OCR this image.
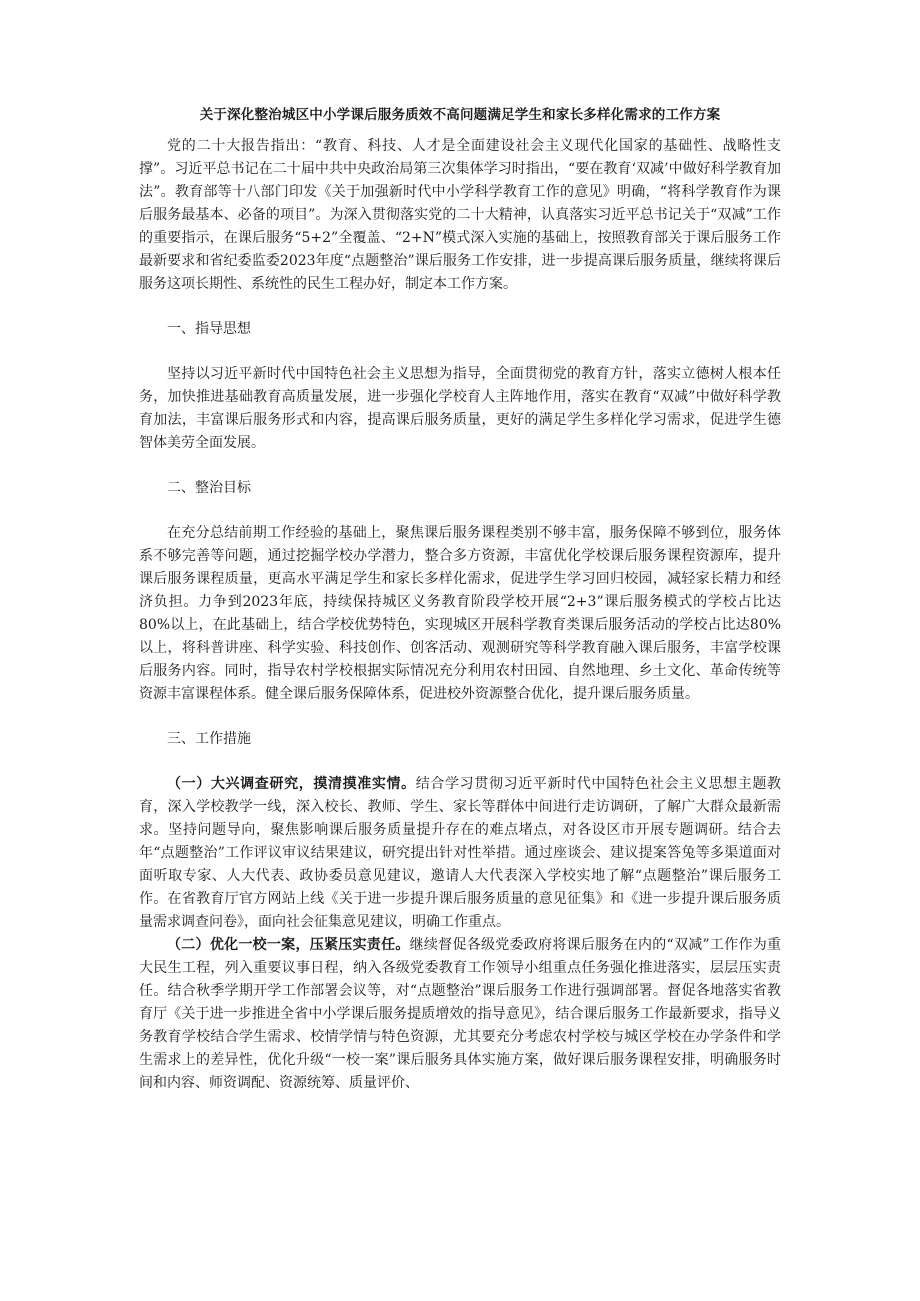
关于深化整治城区中小学课后服务质效不高问题满足学生和家长多样化需求的工作方案

党的二十大报告指出：“教育、科技、人才是全面建设社会主义现代化国家的基础性、战略性支撑”。习近平总书记在二十届中共中央政治局第三次集体学习时指出，“要在教育‘双减’中做好科学教育加法”。教育部等十八部门印发《关于加强新时代中小学科学教育工作的意见》明确，“将科学教育作为课后服务最基本、必备的项目”。为深入贯彻落实党的二十大精神，认真落实习近平总书记关于“双减”工作的重要指示，在课后服务“5+2”全覆盖、“2+N”模式深入实施的基础上，按照教育部关于课后服务工作最新要求和省纪委监委2023年度“点题整治”课后服务工作安排，进一步提高课后服务质量，继续将课后服务这项长期性、系统性的民生工程办好，制定本工作方案。

一、指导思想

坚持以习近平新时代中国特色社会主义思想为指导，全面贯彻党的教育方针，落实立德树人根本任务，加快推进基础教育高质量发展，进一步强化学校育人主阵地作用，落实在教育“双减”中做好科学教育加法，丰富课后服务形式和内容，提高课后服务质量，更好的满足学生多样化学习需求，促进学生德智体美劳全面发展。

二、整治目标

在充分总结前期工作经验的基础上，聚焦课后服务课程类别不够丰富，服务保障不够到位，服务体系不够完善等问题，通过挖掘学校办学潜力，整合多方资源，丰富优化学校课后服务课程资源库，提升课后服务课程质量，更高水平满足学生和家长多样化需求，促进学生学习回归校园，减轻家长精力和经济负担。力争到2023年底，持续保持城区义务教育阶段学校开展“2+3”课后服务模式的学校占比达80%以上，在此基础上，结合学校优势特色，实现城区开展科学教育类课后服务活动的学校占比达80%以上，将科普讲座、科学实验、科技创作、创客活动、观测研究等科学教育融入课后服务，丰富学校课后服务内容。同时，指导农村学校根据实际情况充分利用农村田园、自然地理、乡土文化、革命传统等资源丰富课程体系。健全课后服务保障体系，促进校外资源整合优化，提升课后服务质量。

三、工作措施

（一）大兴调查研究，摸清摸准实情。结合学习贯彻习近平新时代中国特色社会主义思想主题教育，深入学校教学一线，深入校长、教师、学生、家长等群体中间进行走访调研，了解广大群众最新需求。坚持问题导向，聚焦影响课后服务质量提升存在的难点堵点，对各设区市开展专题调研。结合去年“点题整治”工作评议审议结果建议，研究提出针对性举措。通过座谈会、建议提案答兔等多渠道面对面听取专家、人大代表、政协委员意见建议，邀请人大代表深入学校实地了解“点题整治”课后服务工作。在省教育厅官方网站上线《关于进一步提升课后服务质量的意见征集》和《进一步提升课后服务质量需求调查问卷》，面向社会征集意见建议，明确工作重点。

（二）优化一校一案，压紧压实责任。继续督促各级党委政府将课后服务在内的“双减”工作作为重大民生工程，列入重要议事日程，纳入各级党委教育工作领导小组重点任务强化推进落实，层层压实责任。结合秋季学期开学工作部署会议等，对“点题整治”课后服务工作进行强调部署。督促各地落实省教育厅《关于进一步推进全省中小学课后服务提质增效的指导意见》，结合课后服务工作最新要求，指导义务教育学校结合学生需求、校情学情与特色资源，尤其要充分考虑农村学校与城区学校在办学条件和学生需求上的差异性，优化升级“一校一案”课后服务具体实施方案，做好课后服务课程安排，明确服务时间和内容、师资调配、资源统筹、质量评价、
